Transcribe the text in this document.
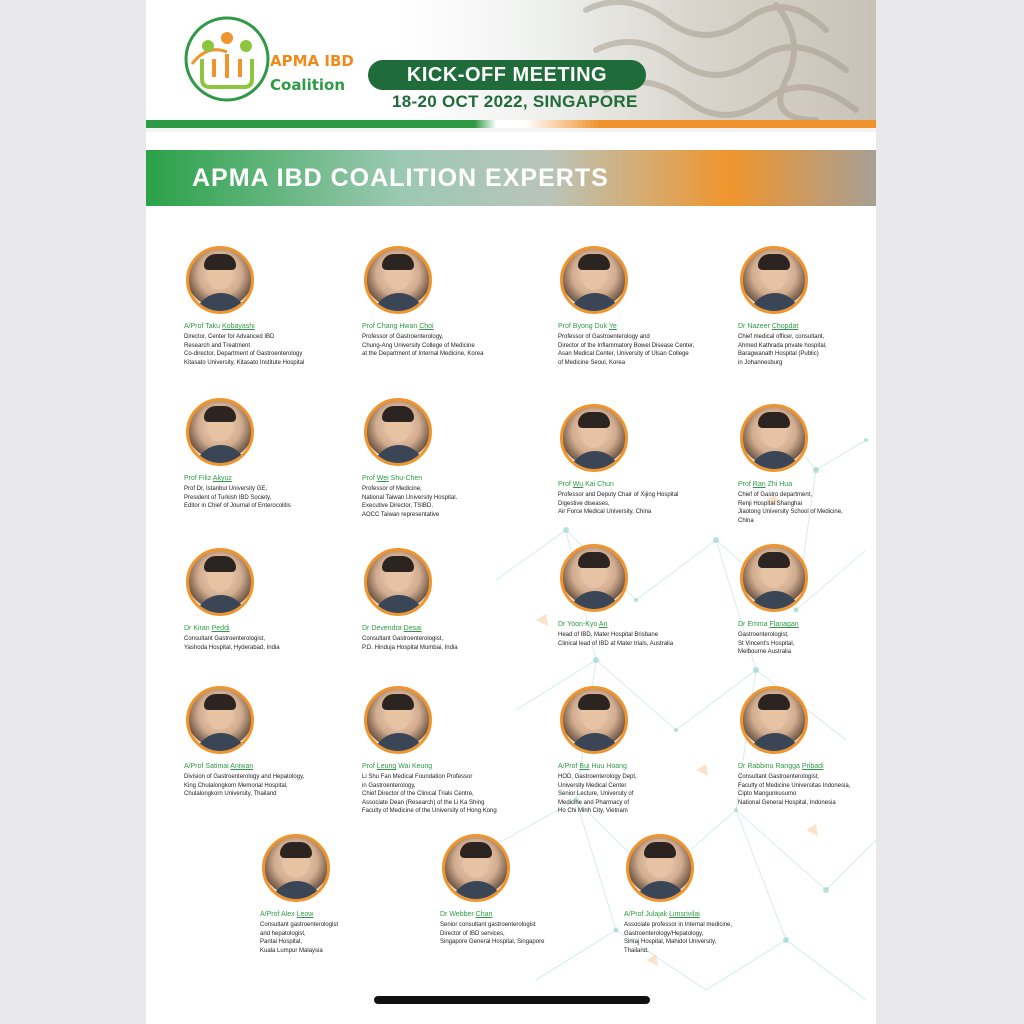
APMA IBD
Coalition	KICK-OFF MEETING
18-20 OCT 2022, SINGAPORE
APMA IBD COALITION EXPERTS
A/Prof Taku Kobayashi
Director, Center for Advanced IBD
Research and Treatment
Co-director, Department of Gastroenterology
Kitasato University, Kitasato Institute Hospital
Prof Chang Hwan Choi
Professor of Gastroenterology,
Chung-Ang University College of Medicine
at the Department of Internal Medicine, Korea
Prof Byong Duk Ye
Professor of Gastroenterology and
Director of the Inflammatory Bowel Disease Center,
Asan Medical Center, University of Ulsan College
of Medicine Seoul, Korea
Dr Nazeer Chopdat
Chief medical officer, consultant,
Ahmed Kathrada private hospital,
Baragwanath Hospital (Public)
in Johannesburg
Prof Filiz Akyuz
Prof Dr, Istanbul University GE,
President of Turkish IBD Society,
Editor in Chief of Journal of Enterocolitis
Prof Wei Shu-Chen
Professor of Medicine,
National Taiwan University Hospital.
Executive Director, TSIBD,
AOCC Taiwan representative
Prof Wu Kai Chun
Professor and Deputy Chair of Xijing Hospital
Digestive diseases,
Air Force Medical University, China
Prof Ran Zhi Hua
Chief of Gastro department,
Renji Hospital Shanghai
Jiaotong University School of Medicine,
China
Dr Kiran Peddi
Consultant Gastroenterologist,
Yashoda Hospital, Hyderabad, India
Dr Devendra Desai
Consultant Gastroenterologist,
P.D. Hinduja Hospital Mumbai, India
Dr Yoon-Kyo An
Head of IBD, Mater Hospital Brisbane
Clinical lead of IBD at Mater trials, Australia
Dr Emma Flanagan
Gastroenterologist,
St Vincent's Hospital,
Melbourne Australia
A/Prof Satimai Aniwan
Division of Gastroenterology and Hepatology,
King Chulalongkorn Memorial Hospital,
Chulalongkorn University, Thailand
Prof Leung Wai Keung
Li Shu Fan Medical Foundation Professor
in Gastroenterology,
Chief Director of the Clinical Trials Centre,
Associate Dean (Research) of the Li Ka Shing
Faculty of Medicine of the University of Hong Kong
A/Prof Bui Huu Hoang
HOD, Gastroenterology Dept,
University Medical Center
Senior Lecture, University of
Medicine and Pharmacy of
Ho Chi Minh City, Vietnam
Dr Rabbinu Rangga Pribadi
Consultant Gastroenterologist,
Faculty of Medicine Universitas Indonesia,
Cipto Mangunkusumo
National General Hospital, Indonesia
A/Prof Alex Leow
Consultant gastroenterologist
and hepatologist,
Pantai Hospital,
Kuala Lumpur Malaysia
Dr Webber Chan
Senior consultant gastroenterologist
Director of IBD services,
Singapore General Hospital, Singapore
A/Prof Julajak Limsrivilai
Associate professor in Internal medicine,
Gastroenterology/Hepatology,
Siriraj Hospital, Mahidol University,
Thailand.
